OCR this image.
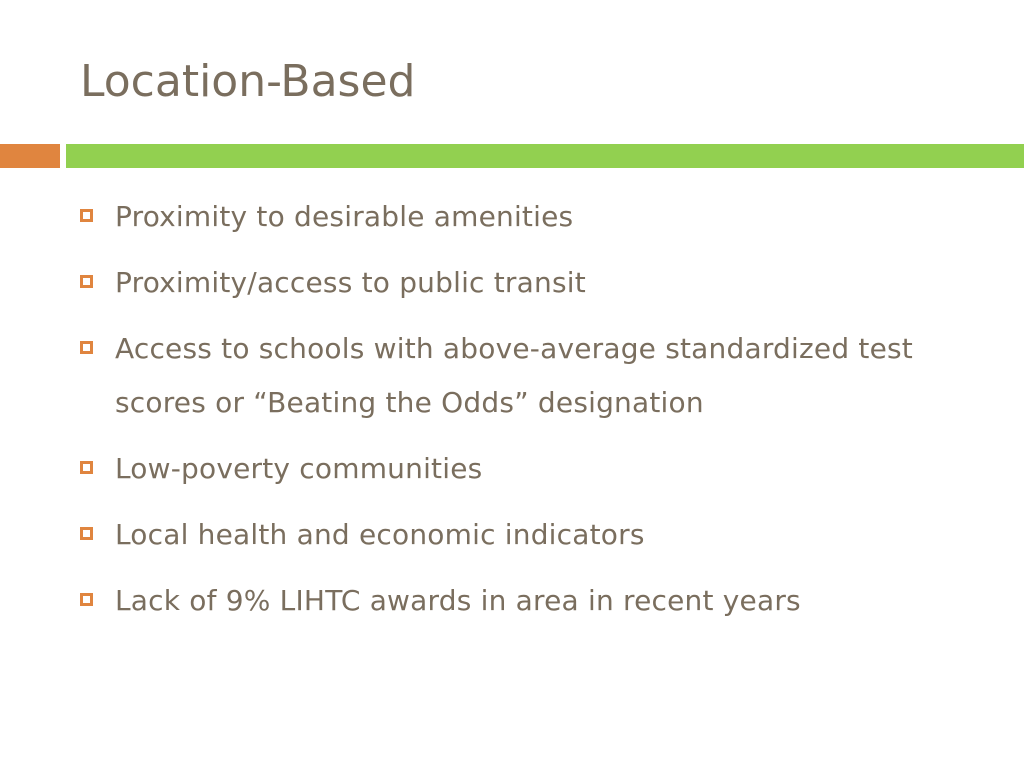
Location-Based
Proximity to desirable amenities
Proximity/access to public transit
Access to schools with above-average standardized test scores or “Beating the Odds” designation
Low-poverty communities
Local health and economic indicators
Lack of 9% LIHTC awards in area in recent years
